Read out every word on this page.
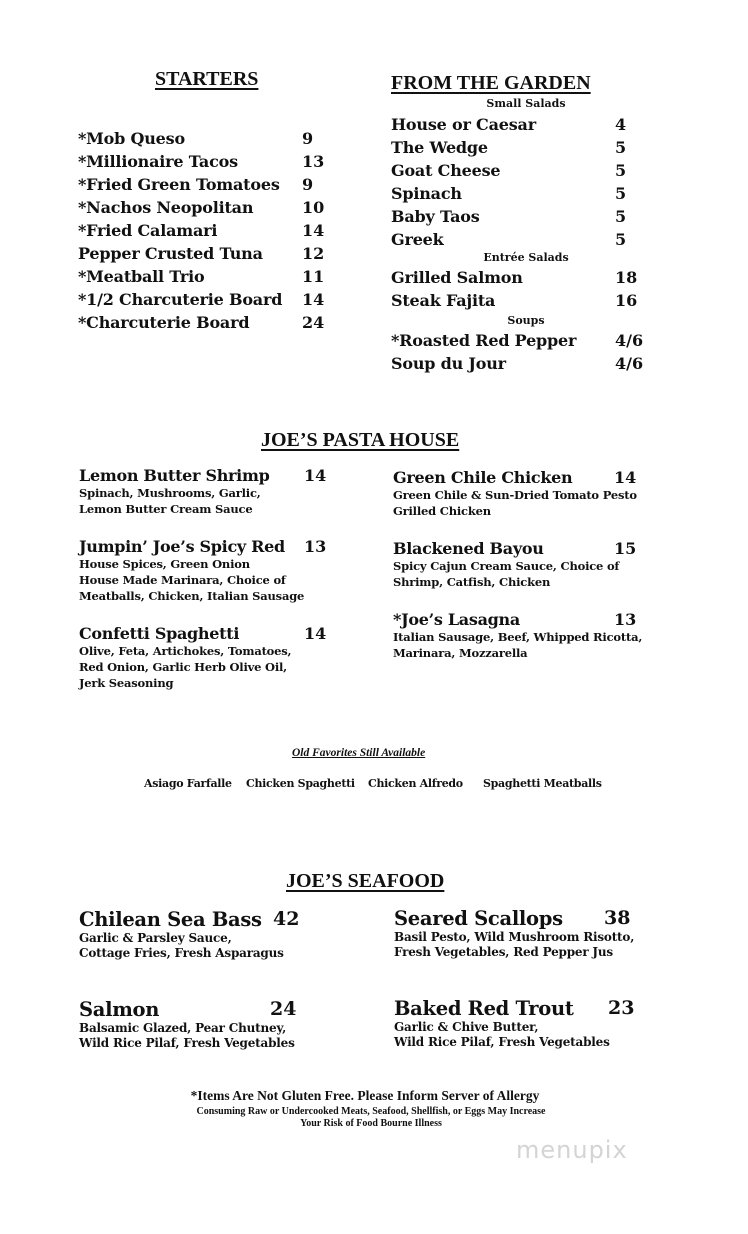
STARTERS
*Mob Queso	9
*Millionaire Tacos	13
*Fried Green Tomatoes 9
*Nachos Neopolitan	10
*Fried Calamari	14
Pepper Crusted Tuna 12
*Meatball Trio	11
*1/2 Charcuterie Board 14
*Charcuterie Board	24
FROM THE GARDEN
Small Salads
House or Caesar	4
The Wedge	5
Goat Cheese	5
Spinach	5
Baby Taos	5
Greek	5
Entrée Salads
Grilled Salmon	18
Steak Fajita	16
Soups
*Roasted Red Pepper 4/6
Soup du Jour	4/6
JOE’S PASTA HOUSE
Lemon Butter Shrimp 14
Spinach, Mushrooms, Garlic,
Lemon Butter Cream Sauce
Jumpin’ Joe’s Spicy Red	13
House Spices, Green Onion
House Made Marinara, Choice of
Meatballs, Chicken, Italian Sausage
Confetti Spaghetti	14
Olive, Feta, Artichokes, Tomatoes,
Red Onion, Garlic Herb Olive Oil,
Jerk Seasoning
Green Chile Chicken	14
Green Chile & Sun-Dried Tomato Pesto
Grilled Chicken
Blackened Bayou	15
Spicy Cajun Cream Sauce, Choice of
Shrimp, Catfish, Chicken
*Joe’s Lasagna	13
Italian Sausage, Beef, Whipped Ricotta,
Marinara, Mozzarella
Old Favorites Still Available
Asiago Farfalle Chicken Spaghetti Chicken Alfredo Spaghetti Meatballs
JOE’S SEAFOOD
Chilean Sea Bass 42
Garlic & Parsley Sauce,
Cottage Fries, Fresh Asparagus
Seared Scallops	38
Basil Pesto, Wild Mushroom Risotto,
Fresh Vegetables, Red Pepper Jus
Salmon	24
Balsamic Glazed, Pear Chutney,
Wild Rice Pilaf, Fresh Vegetables
Baked Red Trout	23
Garlic & Chive Butter,
Wild Rice Pilaf, Fresh Vegetables
*Items Are Not Gluten Free. Please Inform Server of Allergy
Consuming Raw or Undercooked Meats, Seafood, Shellfish, or Eggs May Increase
Your Risk of Food Bourne Illness
menupix
